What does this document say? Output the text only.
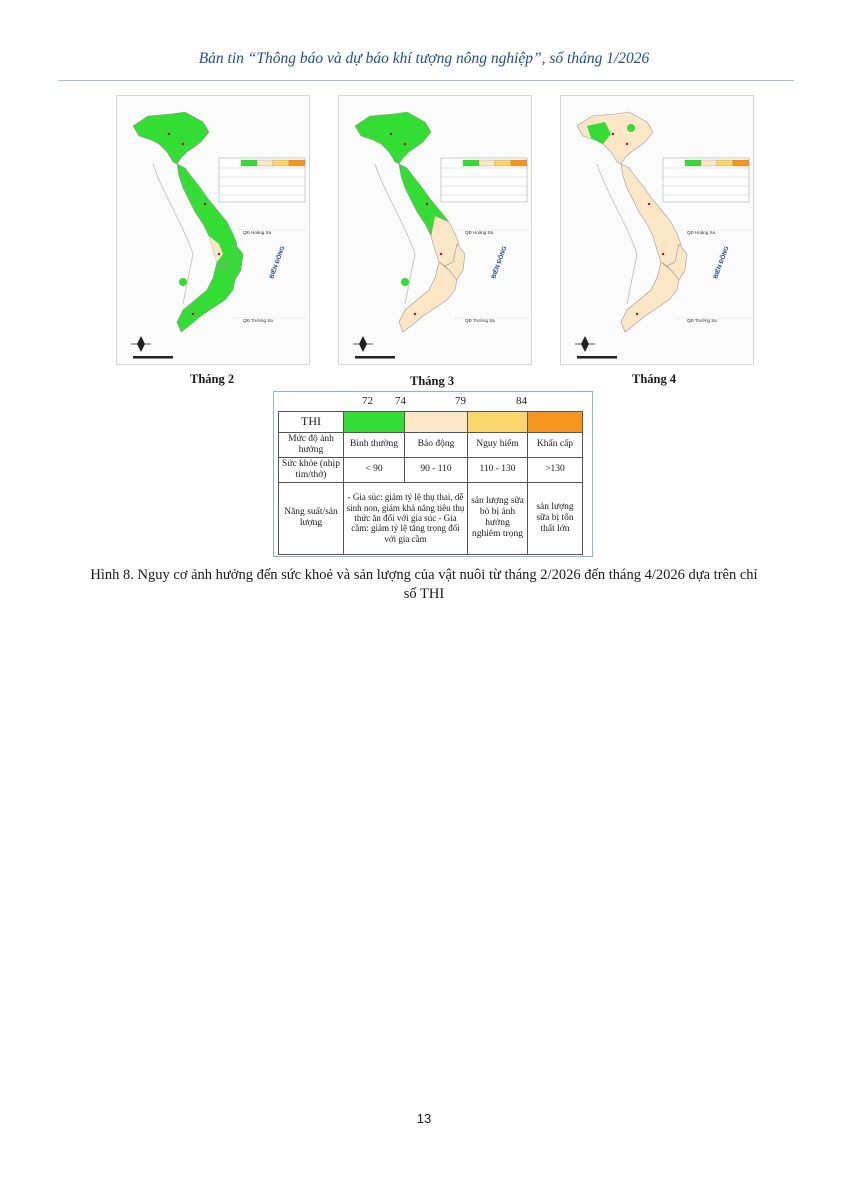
Bản tin “Thông báo và dự báo khí tượng nông nghiệp”, số tháng 1/2026
QĐ Hoàng Sa
QĐ Trường Sa
BIỂN ĐÔNG
QĐ Hoàng Sa
QĐ Trường Sa
BIỂN ĐÔNG
QĐ Hoàng Sa
QĐ Trường Sa
BIỂN ĐÔNG
Tháng 2	Tháng 3	Tháng 4
72 74	79	84
THI				
Mức độ ảnh hưởng	Bình thường	Báo động	Nguy hiểm	Khẩn cấp
Sức khỏe (nhịp tim/thở)	< 90	90 - 110	110 - 130	>130
Năng suất/sản lượng	- Gia súc: giảm tỷ lệ thụ thai, dễ sinh non, giảm khả năng tiêu thụ thức ăn đối với gia súc - Gia cầm: giảm tỷ lệ tăng trọng đối với gia cầm		sản lượng sữa bò bị ảnh hưởng nghiêm trọng	sản lượng sữa bị tổn thất lớn
Hình 8. Nguy cơ ảnh hưởng đến sức khoẻ và sản lượng của vật nuôi từ tháng 2/2026 đến tháng 4/2026 dựa trên chỉ số THI
13
